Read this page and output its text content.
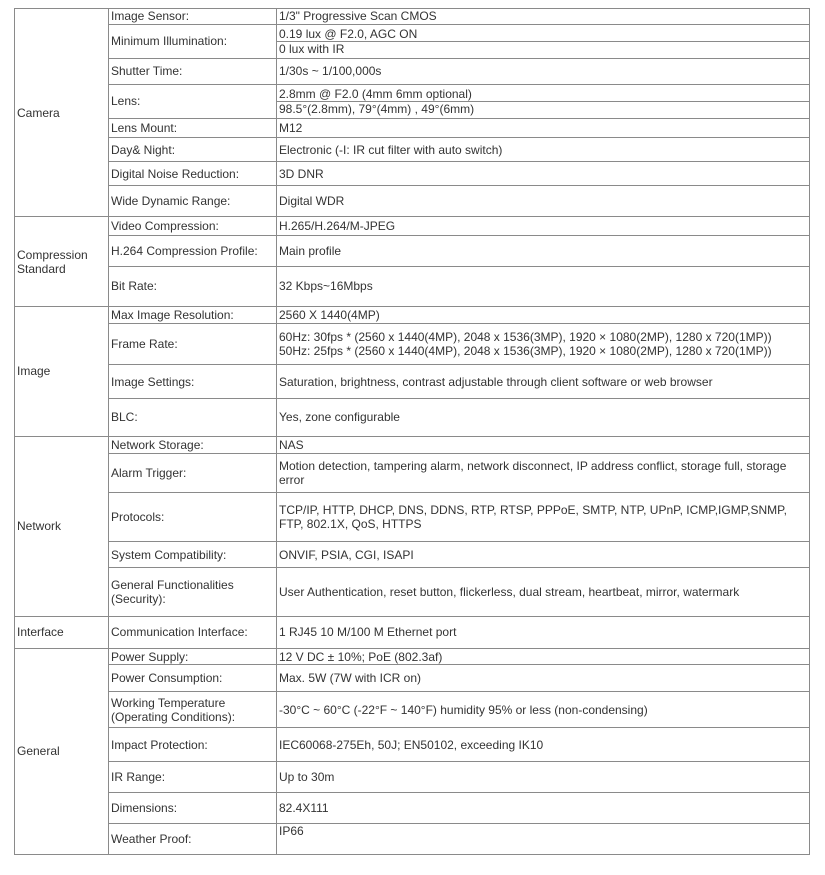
Camera	Image Sensor:	1/3" Progressive Scan CMOS

	Minimum Illumination:	0.19 lux @ F2.0, AGC ON
0 lux with IR

	Shutter Time:	1/30s ~ 1/100,000s

	Lens:	2.8mm @ F2.0 (4mm 6mm optional)
98.5°(2.8mm), 79°(4mm) , 49°(6mm)

	Lens Mount:	M12

	Day& Night:	Electronic (-I: IR cut filter with auto switch)

	Digital Noise Reduction:	3D DNR

	Wide Dynamic Range:	Digital WDR

Compression Standard	Video Compression:	H.265/H.264/M-JPEG

	H.264 Compression Profile:	Main profile

	Bit Rate:	32 Kbps~16Mbps

Image	Max Image Resolution:	2560 X 1440(4MP)

	Frame Rate:	60Hz: 30fps * (2560 x 1440(4MP), 2048 x 1536(3MP), 1920 × 1080(2MP), 1280 x 720(1MP))
50Hz: 25fps * (2560 x 1440(4MP), 2048 x 1536(3MP), 1920 × 1080(2MP), 1280 x 720(1MP))

	Image Settings:	Saturation, brightness, contrast adjustable through client software or web browser

	BLC:	Yes, zone configurable

Network	Network Storage:	NAS

	Alarm Trigger:	Motion detection, tampering alarm, network disconnect, IP address conflict, storage full, storage error

	Protocols:	TCP/IP, HTTP, DHCP, DNS, DDNS, RTP, RTSP, PPPoE, SMTP, NTP, UPnP, ICMP,IGMP,SNMP, FTP, 802.1X, QoS, HTTPS

	System Compatibility:	ONVIF, PSIA, CGI, ISAPI

	General Functionalities (Security):	User Authentication, reset button, flickerless, dual stream, heartbeat, mirror, watermark

Interface	Communication Interface:	1 RJ45 10 M/100 M Ethernet port

General	Power Supply:	12 V DC ± 10%; PoE (802.3af)

	Power Consumption:	Max. 5W (7W with ICR on)

	Working Temperature (Operating Conditions):	-30°C ~ 60°C (-22°F ~ 140°F) humidity 95% or less (non-condensing)

	Impact Protection:	IEC60068-275Eh, 50J; EN50102, exceeding IK10

	IR Range:	Up to 30m

	Dimensions:	82.4X111

	Weather Proof:	IP66
